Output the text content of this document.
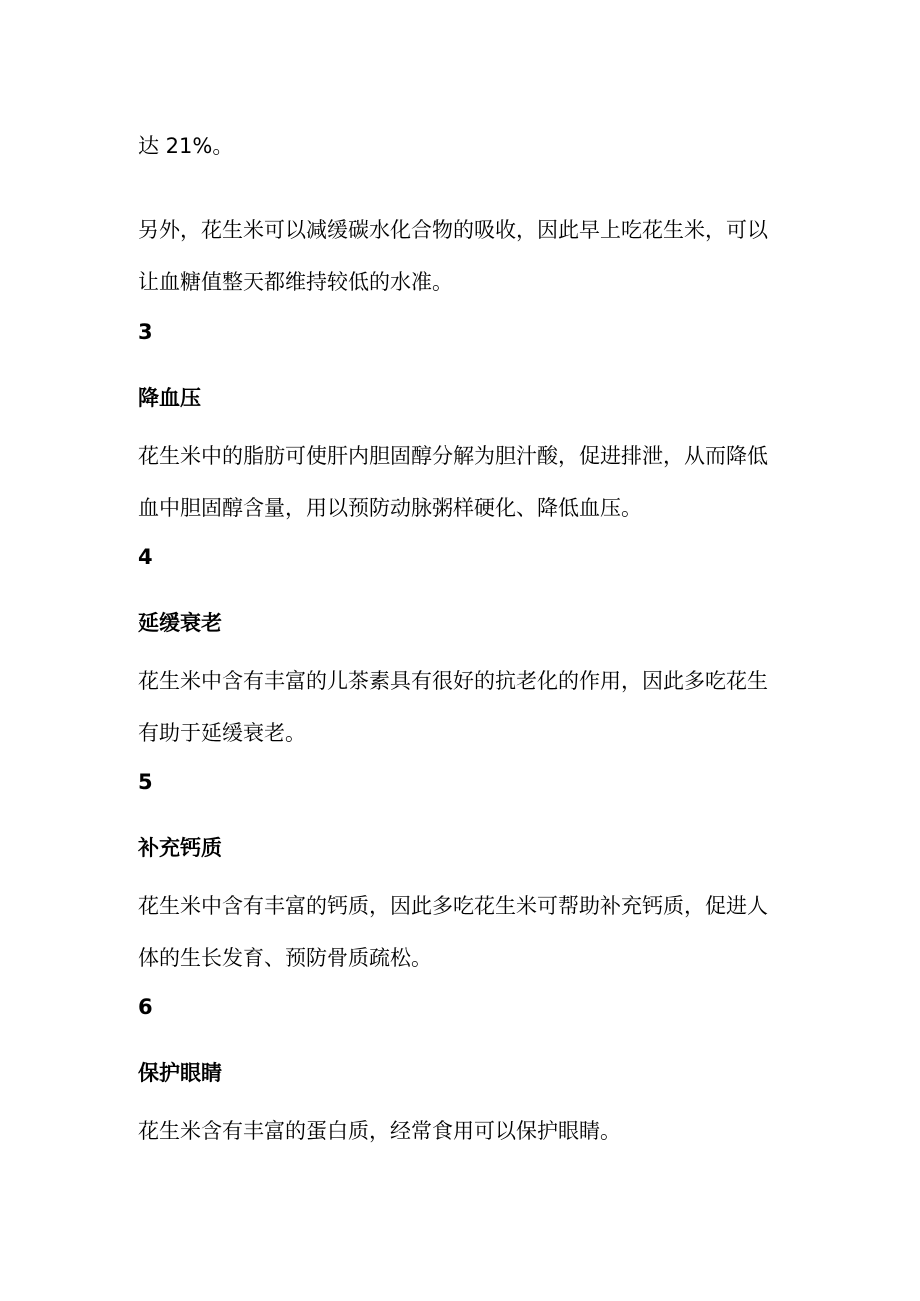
达 21%。

另外，花生米可以减缓碳水化合物的吸收，因此早上吃花生米，可以让血糖值整天都维持较低的水准。

3

降血压

花生米中的脂肪可使肝内胆固醇分解为胆汁酸，促进排泄，从而降低血中胆固醇含量，用以预防动脉粥样硬化、降低血压。

4

延缓衰老

花生米中含有丰富的儿茶素具有很好的抗老化的作用，因此多吃花生有助于延缓衰老。

5

补充钙质

花生米中含有丰富的钙质，因此多吃花生米可帮助补充钙质，促进人体的生长发育、预防骨质疏松。

6

保护眼睛

花生米含有丰富的蛋白质，经常食用可以保护眼睛。
